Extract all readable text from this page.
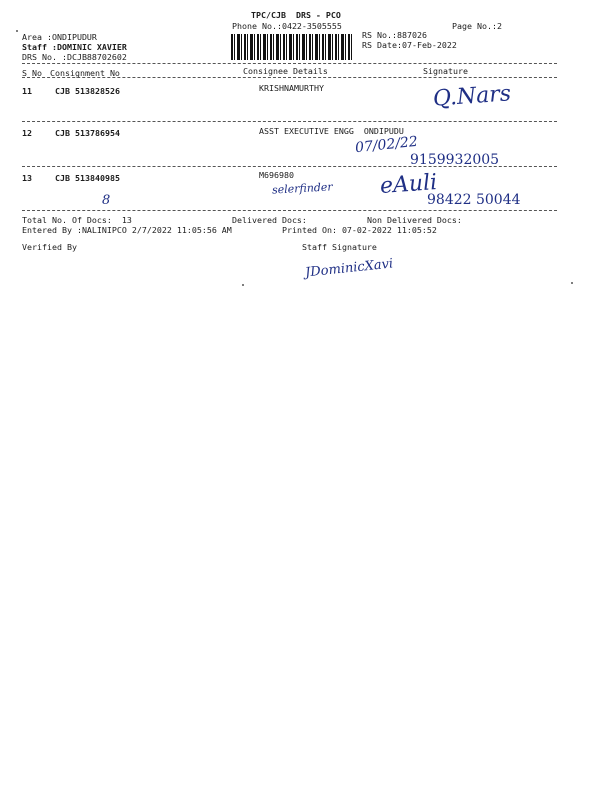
TPC/CJB  DRS - PCO
Phone No.:0422-3505555	Page No.:2
Area :ONDIPUDUR
Staff :DOMINIC XAVIER
DRS No. :DCJB88702602
RS No.:887026
RS Date:07-Feb-2022
S No Consignment No	Consignee Details	Signature
11	CJB 513828526	KRISHNAMURTHY	Q.Nars
12	CJB 513786954	ASST EXECUTIVE ENGG  ONDIPUDU
07/02/22
9159932005
13	CJB 513840985	M696980
8
selerfinder eAuli
98422 50044
Total No. Of Docs:  13	Delivered Docs:	Non Delivered Docs:
Entered By :NALINIPCO 2/7/2022 11:05:56 AM	Printed On: 07-02-2022 11:05:52
Verified By	Staff Signature
JDominicXavi
